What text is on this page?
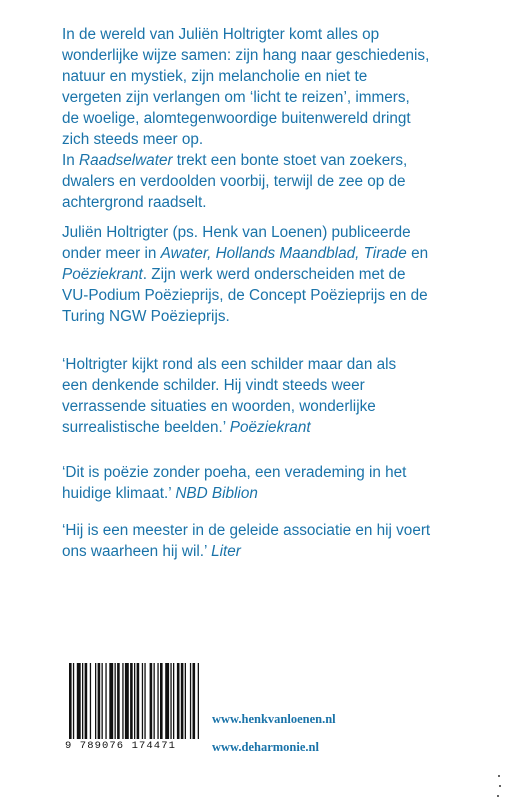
In de wereld van Juliën Holtrigter komt alles op
wonderlijke wijze samen: zijn hang naar geschiedenis,
natuur en mystiek, zijn melancholie en niet te
vergeten zijn verlangen om ‘licht te reizen’, immers,
de woelige, alomtegenwoordige buitenwereld dringt
zich steeds meer op.
In Raadselwater trekt een bonte stoet van zoekers,
dwalers en verdoolden voorbij, terwijl de zee op de
achtergrond raadselt.

Juliën Holtrigter (ps. Henk van Loenen) publiceerde
onder meer in Awater, Hollands Maandblad, Tirade en
Poëziekrant. Zijn werk werd onderscheiden met de
VU-Podium Poëzieprijs, de Concept Poëzieprijs en de
Turing NGW Poëzieprijs.

‘Holtrigter kijkt rond als een schilder maar dan als
een denkende schilder. Hij vindt steeds weer
verrassende situaties en woorden, wonderlijke
surrealistische beelden.’ Poëziekrant

‘Dit is poëzie zonder poeha, een verademing in het
huidige klimaat.’ NBD Biblion

‘Hij is een meester in de geleide associatie en hij voert
ons waarheen hij wil.’ Liter

9 789076 174471
www.henkvanloenen.nl
www.deharmonie.nl
